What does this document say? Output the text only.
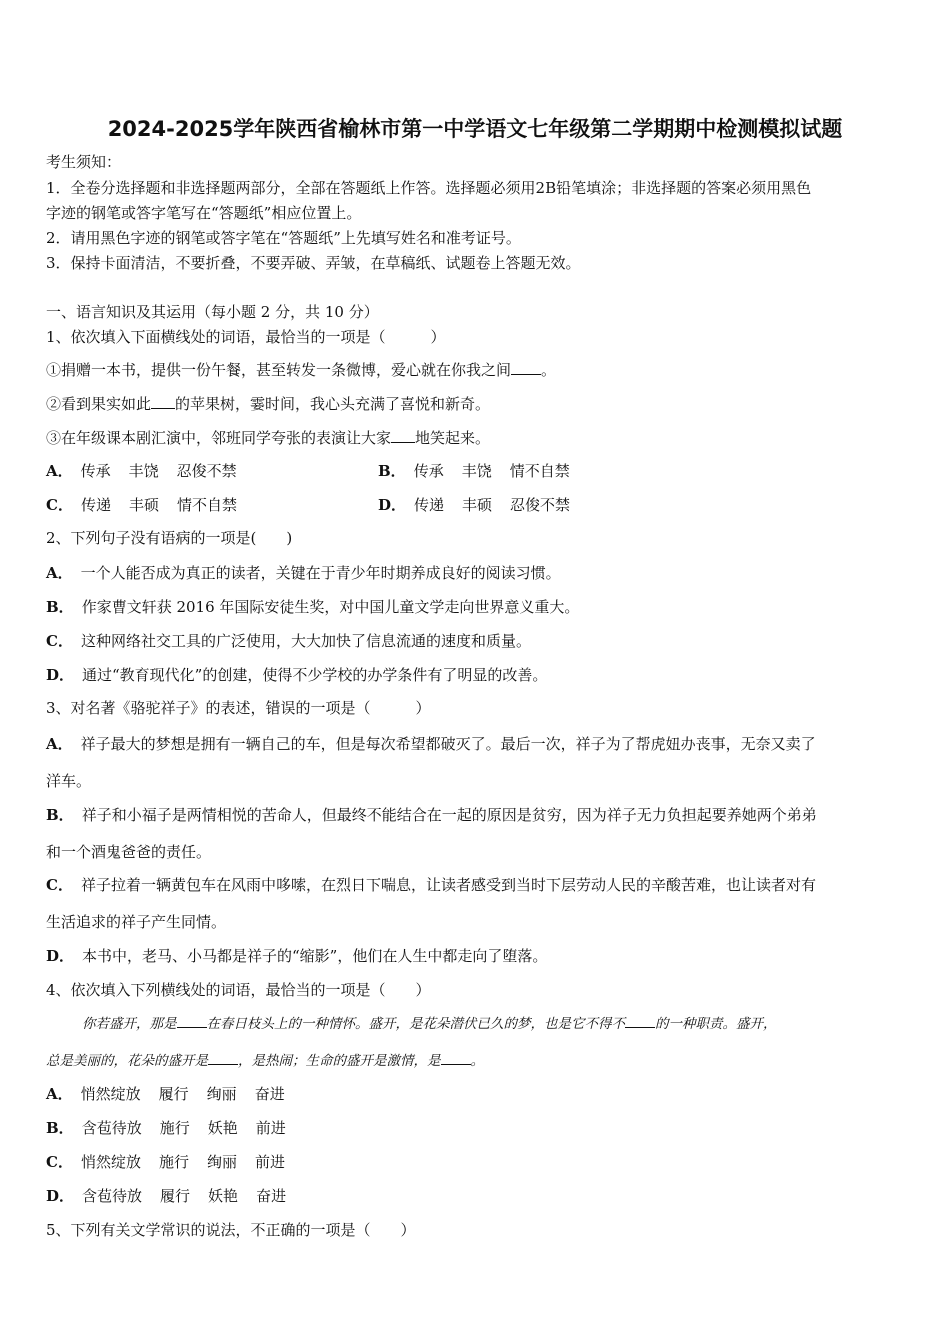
2024-2025学年陕西省榆林市第一中学语文七年级第二学期期中检测模拟试题
考生须知：
1．全卷分选择题和非选择题两部分，全部在答题纸上作答。选择题必须用2B铅笔填涂；非选择题的答案必须用黑色
字迹的钢笔或答字笔写在“答题纸”相应位置上。
2．请用黑色字迹的钢笔或答字笔在“答题纸”上先填写姓名和准考证号。
3．保持卡面清洁，不要折叠，不要弄破、弄皱，在草稿纸、试题卷上答题无效。
一、语言知识及其运用（每小题 2 分，共 10 分）
1、依次填入下面横线处的词语，最恰当的一项是（　　　）
①捐赠一本书，提供一份午餐，甚至转发一条微博，爱心就在你我之间 。
②看到果实如此 的苹果树，霎时间，我心头充满了喜悦和新奇。
③在年级课本剧汇演中，邻班同学夸张的表演让大家 地笑起来。
A． 传承 丰饶 忍俊不禁	B． 传承 丰饶 情不自禁
C． 传递 丰硕 情不自禁	D． 传递 丰硕 忍俊不禁
2、下列句子没有语病的一项是(　　)
A． 一个人能否成为真正的读者，关键在于青少年时期养成良好的阅读习惯。
B． 作家曹文轩获 2016 年国际安徒生奖，对中国儿童文学走向世界意义重大。
C． 这种网络社交工具的广泛使用，大大加快了信息流通的速度和质量。
D． 通过“教育现代化”的创建，使得不少学校的办学条件有了明显的改善。
3、对名著《骆驼祥子》的表述，错误的一项是（　　　）
A． 祥子最大的梦想是拥有一辆自己的车，但是每次希望都破灭了。最后一次，祥子为了帮虎妞办丧事，无奈又卖了
洋车。
B． 祥子和小福子是两情相悦的苦命人，但最终不能结合在一起的原因是贫穷，因为祥子无力负担起要养她两个弟弟
和一个酒鬼爸爸的责任。
C． 祥子拉着一辆黄包车在风雨中哆嗦，在烈日下喘息，让读者感受到当时下层劳动人民的辛酸苦难，也让读者对有
生活追求的祥子产生同情。
D． 本书中，老马、小马都是祥子的“缩影”，他们在人生中都走向了堕落。
4、依次填入下列横线处的词语，最恰当的一项是（　　）
你若盛开，那是 在春日枝头上的一种情怀。盛开，是花朵潜伏已久的梦，也是它不得不 的一种职责。盛开，
总是美丽的，花朵的盛开是 ，是热闹；生命的盛开是激情，是 。
A． 悄然绽放 履行 绚丽 奋进
B． 含苞待放 施行 妖艳 前进
C． 悄然绽放 施行 绚丽 前进
D． 含苞待放 履行 妖艳 奋进
5、下列有关文学常识的说法，不正确的一项是（　　）
